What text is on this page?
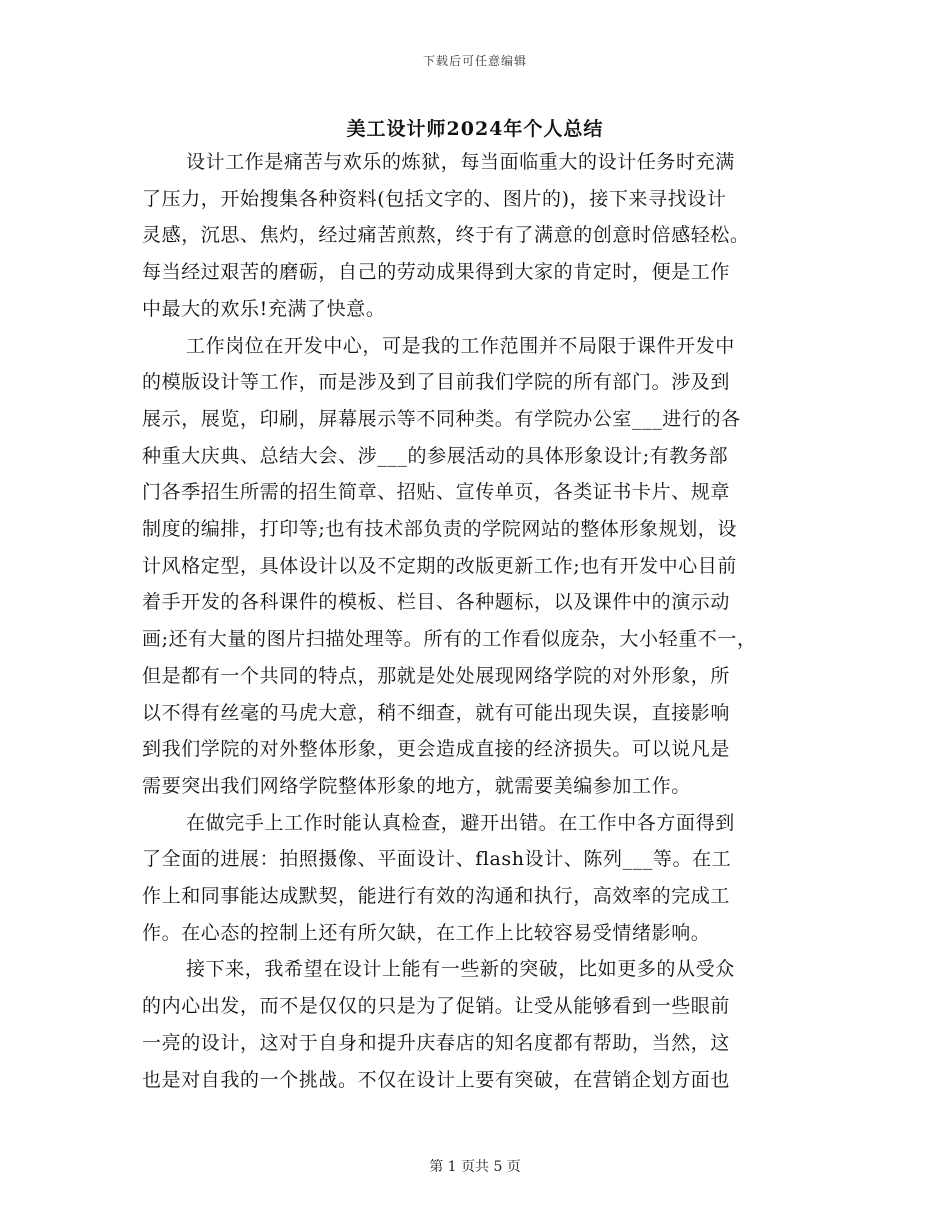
下载后可任意编辑
美工设计师2024年个人总结

设计工作是痛苦与欢乐的炼狱，每当面临重大的设计任务时充满
了压力，开始搜集各种资料(包括文字的、图片的)，接下来寻找设计
灵感，沉思、焦灼，经过痛苦煎熬，终于有了满意的创意时倍感轻松。
每当经过艰苦的磨砺，自己的劳动成果得到大家的肯定时，便是工作
中最大的欢乐!充满了快意。

工作岗位在开发中心，可是我的工作范围并不局限于课件开发中
的模版设计等工作，而是涉及到了目前我们学院的所有部门。涉及到
展示，展览，印刷，屏幕展示等不同种类。有学院办公室___进行的各
种重大庆典、总结大会、涉___的参展活动的具体形象设计;有教务部
门各季招生所需的招生简章、招贴、宣传单页，各类证书卡片、规章
制度的编排，打印等;也有技术部负责的学院网站的整体形象规划，设
计风格定型，具体设计以及不定期的改版更新工作;也有开发中心目前
着手开发的各科课件的模板、栏目、各种题标，以及课件中的演示动
画;还有大量的图片扫描处理等。所有的工作看似庞杂，大小轻重不一，
但是都有一个共同的特点，那就是处处展现网络学院的对外形象，所
以不得有丝毫的马虎大意，稍不细查，就有可能出现失误，直接影响
到我们学院的对外整体形象，更会造成直接的经济损失。可以说凡是
需要突出我们网络学院整体形象的地方，就需要美编参加工作。

在做完手上工作时能认真检查，避开出错。在工作中各方面得到
了全面的进展：拍照摄像、平面设计、flash设计、陈列___等。在工
作上和同事能达成默契，能进行有效的沟通和执行，高效率的完成工
作。在心态的控制上还有所欠缺，在工作上比较容易受情绪影响。

接下来，我希望在设计上能有一些新的突破，比如更多的从受众
的内心出发，而不是仅仅的只是为了促销。让受从能够看到一些眼前
一亮的设计，这对于自身和提升庆春店的知名度都有帮助，当然，这
也是对自我的一个挑战。不仅在设计上要有突破，在营销企划方面也

第 1 页共 5 页
